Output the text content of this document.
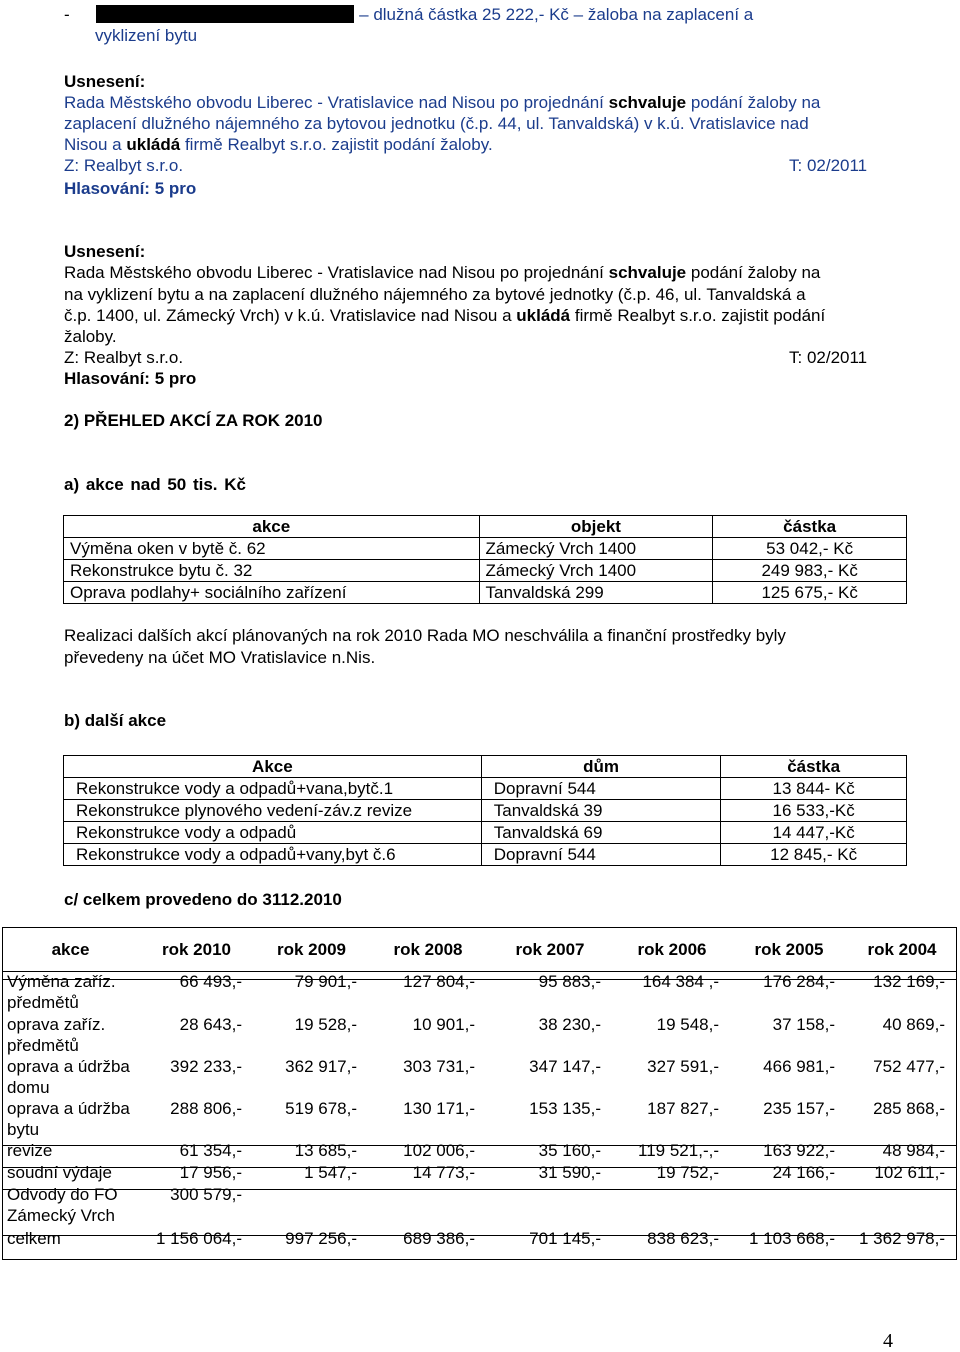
-	– dlužná částka 25 222,- Kč – žaloba na zaplacení a
vyklizení bytu
Usnesení:
Rada Městského obvodu Liberec - Vratislavice nad Nisou po projednání schvaluje podání žaloby na
zaplacení dlužného nájemného za bytovou jednotku (č.p. 44, ul. Tanvaldská) v k.ú. Vratislavice nad
Nisou a ukládá firmě Realbyt s.r.o. zajistit podání žaloby.
Z: Realbyt s.r.o.	T: 02/2011
Hlasování: 5 pro
Usnesení:
Rada Městského obvodu Liberec - Vratislavice nad Nisou po projednání schvaluje podání žaloby na
na vyklizení bytu a na zaplacení dlužného nájemného za bytové jednotky (č.p. 46, ul. Tanvaldská a
č.p. 1400, ul. Zámecký Vrch) v k.ú. Vratislavice nad Nisou a ukládá firmě Realbyt s.r.o. zajistit podání
žaloby.
Z: Realbyt s.r.o.	T: 02/2011
Hlasování: 5 pro
2) PŘEHLED AKCÍ ZA ROK 2010
a) akce nad 50 tis. Kč
akce	objekt	částka
Výměna oken v bytě č. 62	Zámecký Vrch 1400	53 042,- Kč
Rekonstrukce bytu č. 32	Zámecký Vrch 1400	249 983,- Kč
Oprava podlahy+ sociálního zařízení	Tanvaldská 299	125 675,- Kč
Realizaci dalších akcí plánovaných na rok 2010 Rada MO neschválila a finanční prostředky byly
převedeny na účet MO Vratislavice n.Nis.
b) další akce
Akce	dům	částka
Rekonstrukce vody a odpadů+vana,bytč.1	Dopravní 544	13 844- Kč
Rekonstrukce plynového vedení-záv.z revize	Tanvaldská 39	16 533,-Kč
Rekonstrukce vody a odpadů	Tanvaldská 69	14 447,-Kč
Rekonstrukce vody a odpadů+vany,byt č.6	Dopravní 544	12 845,- Kč
c/ celkem provedeno do 3112.2010
akce	rok 2010	rok 2009	rok 2008	rok 2007	rok 2006	rok 2005	rok 2004
Výměna zaříz. předmětů	66 493,-	79 901,-	127 804,-	95 883,-	164 384 ,-	176 284,-	132 169,-
oprava zaříz. předmětů	28 643,-	19 528,-	10 901,-	38 230,-	19 548,-	37 158,-	40 869,-
oprava a údržba domu	392 233,-	362 917,-	303 731,-	347 147,-	327 591,-	466 981,-	752 477,-
oprava a údržba bytu	288 806,-	519 678,-	130 171,-	153 135,-	187 827,-	235 157,-	285 868,-
revize	61 354,-	13 685,-	102 006,-	35 160,-	119 521,-,-	163 922,-	48 984,-
soudní výdaje	17 956,-	1 547,-	14 773,-	31 590,-	19 752,-	24 166,-	102 611,-
Odvody do FO Zámecký Vrch	300 579,-						
celkem	1 156 064,-	997 256,-	689 386,-	701 145,-	838 623,-	1 103 668,-	1 362 978,-
4
